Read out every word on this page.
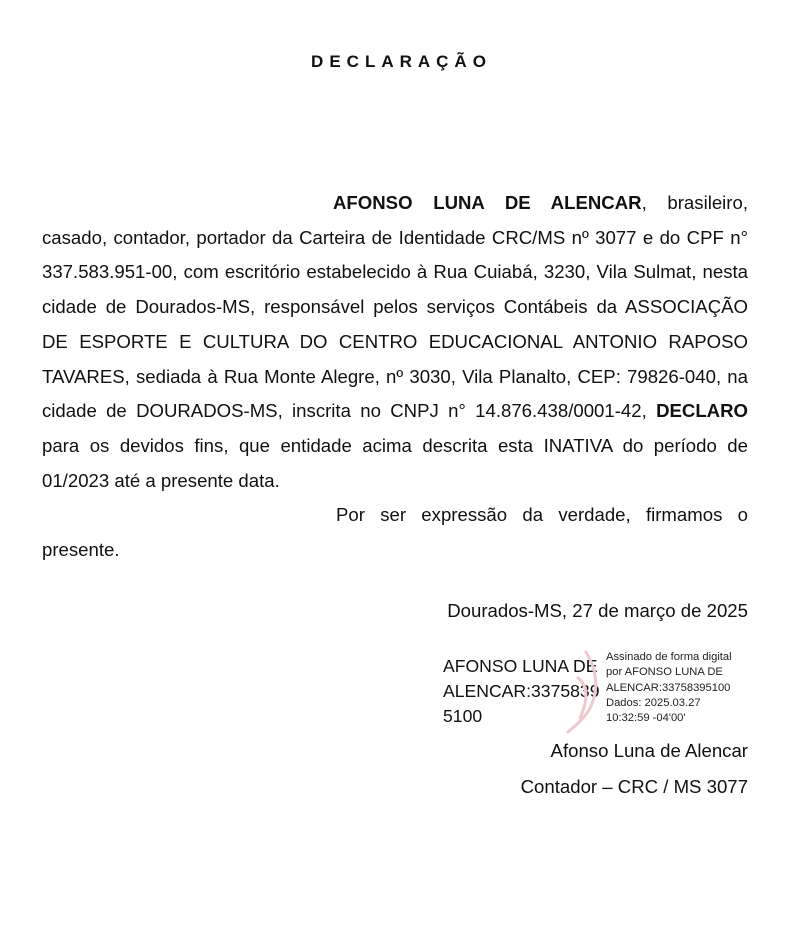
DECLARAÇÃO

AFONSO LUNA DE ALENCAR, brasileiro, casado, contador, portador da Carteira de Identidade CRC/MS nº 3077 e do CPF n° 337.583.951-00, com escritório estabelecido à Rua Cuiabá, 3230, Vila Sulmat, nesta cidade de Dourados-MS, responsável pelos serviços Contábeis da ASSOCIAÇÃO DE ESPORTE E CULTURA DO CENTRO EDUCACIONAL ANTONIO RAPOSO TAVARES, sediada à Rua Monte Alegre, nº 3030, Vila Planalto, CEP: 79826-040, na cidade de DOURADOS-MS, inscrita no CNPJ n° 14.876.438/0001-42, DECLARO para os devidos fins, que entidade acima descrita esta INATIVA do período de 01/2023 até a presente data.

Por ser expressão da verdade, firmamos o presente.

Dourados-MS, 27 de março de 2025
AFONSO LUNA DE ALENCAR:33758395100
Assinado de forma digital
por AFONSO LUNA DE
ALENCAR:33758395100
Dados: 2025.03.27
10:32:59 -04'00'
Afonso Luna de Alencar
Contador – CRC / MS 3077
